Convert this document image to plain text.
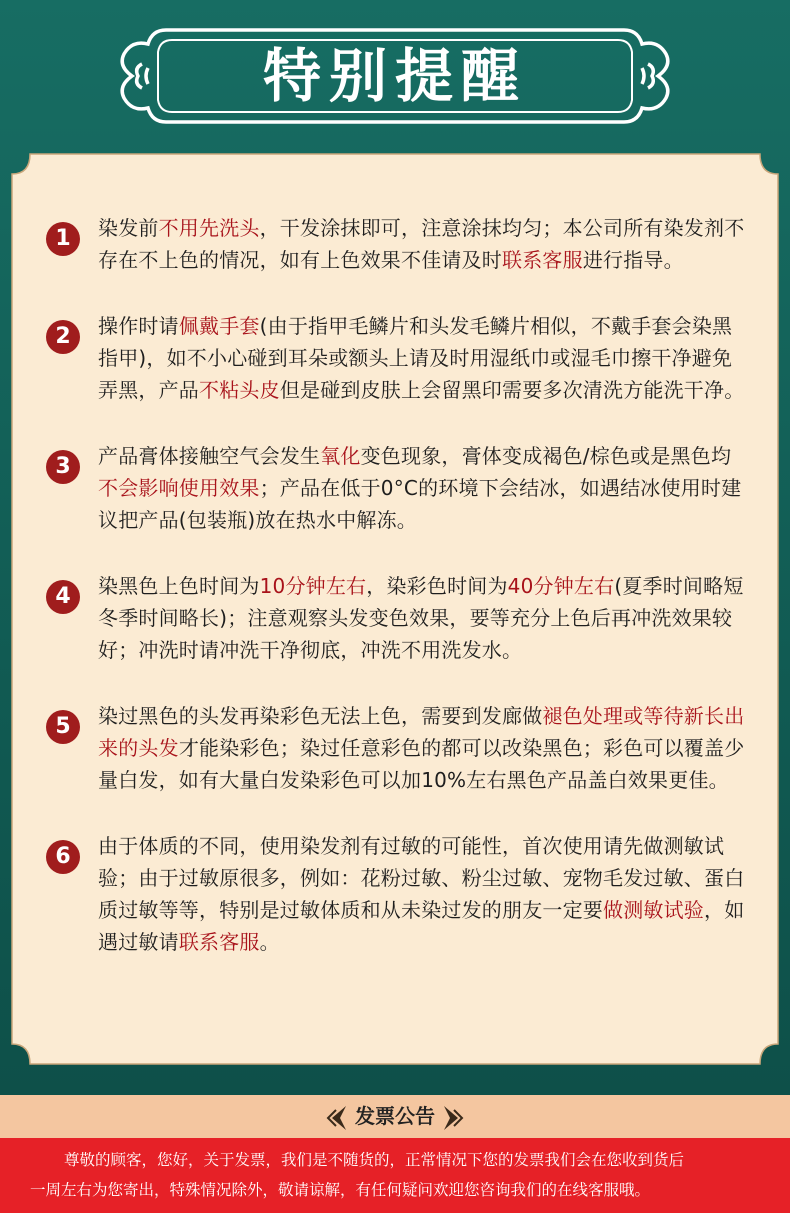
特别提醒
1	染发前不用先洗头，干发涂抹即可，注意涂抹均匀；本公司所有染发剂不存在不上色的情况，如有上色效果不佳请及时联系客服进行指导。
2	操作时请佩戴手套(由于指甲毛鳞片和头发毛鳞片相似，不戴手套会染黑指甲)，如不小心碰到耳朵或额头上请及时用湿纸巾或湿毛巾擦干净避免弄黑，产品不粘头皮但是碰到皮肤上会留黑印需要多次清洗方能洗干净。
3	产品膏体接触空气会发生氧化变色现象，膏体变成褐色/棕色或是黑色均不会影响使用效果；产品在低于0°C的环境下会结冰，如遇结冰使用时建议把产品(包装瓶)放在热水中解冻。
4	染黑色上色时间为10分钟左右，染彩色时间为40分钟左右(夏季时间略短冬季时间略长)；注意观察头发变色效果，要等充分上色后再冲洗效果较好；冲洗时请冲洗干净彻底，冲洗不用洗发水。
5	染过黑色的头发再染彩色无法上色，需要到发廊做褪色处理或等待新长出来的头发才能染彩色；染过任意彩色的都可以改染黑色；彩色可以覆盖少量白发，如有大量白发染彩色可以加10%左右黑色产品盖白效果更佳。
6	由于体质的不同，使用染发剂有过敏的可能性，首次使用请先做测敏试验；由于过敏原很多，例如：花粉过敏、粉尘过敏、宠物毛发过敏、蛋白质过敏等等，特别是过敏体质和从未染过发的朋友一定要做测敏试验，如遇过敏请联系客服。
发票公告
尊敬的顾客，您好，关于发票，我们是不随货的，正常情况下您的发票我们会在您收到货后
一周左右为您寄出，特殊情况除外，敬请谅解，有任何疑问欢迎您咨询我们的在线客服哦。
